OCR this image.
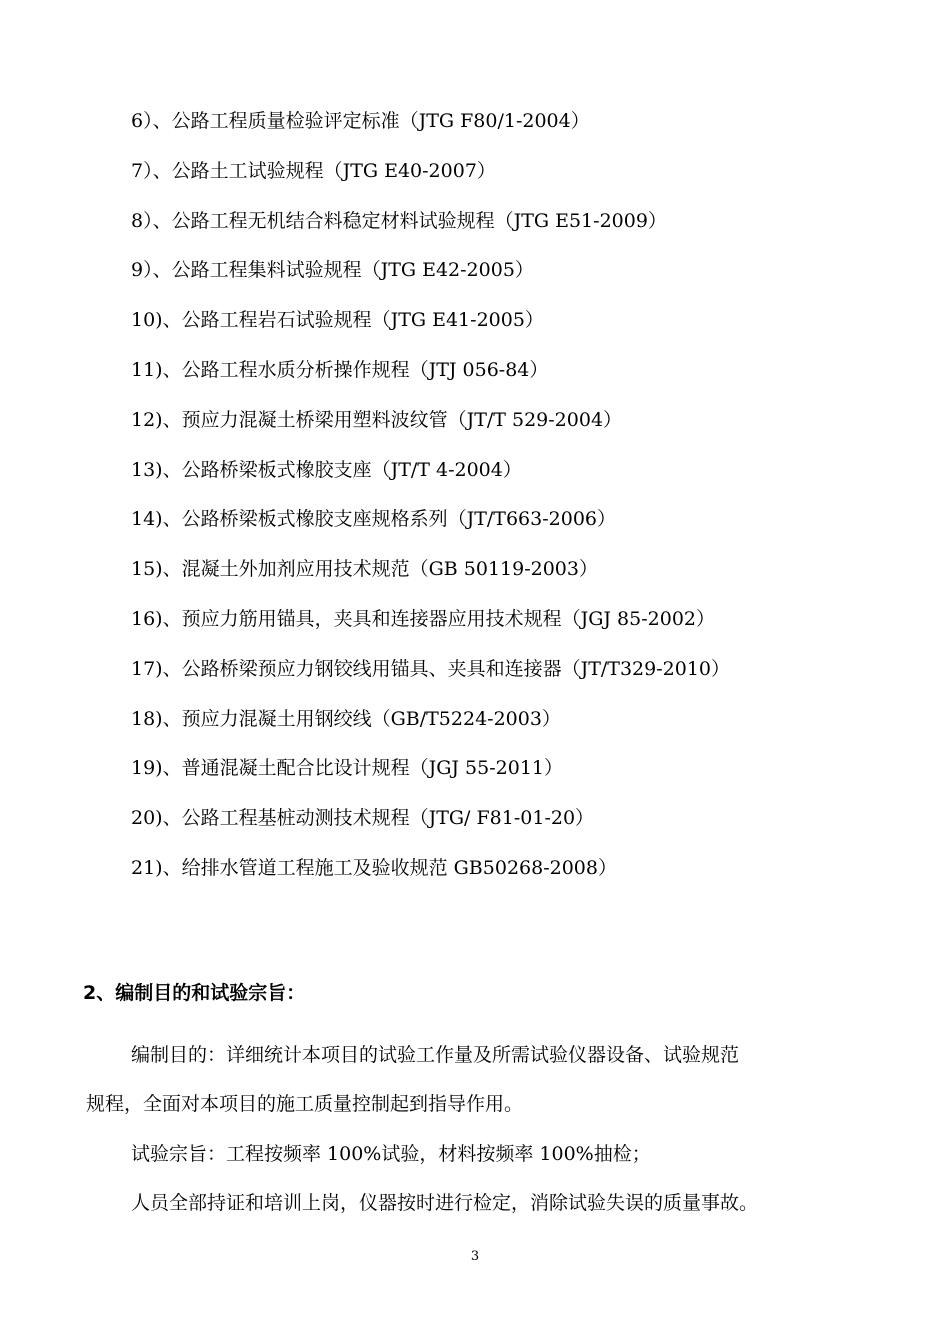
6）、公路工程质量检验评定标准（JTG F80/1-2004）
7）、公路土工试验规程（JTG E40-2007）
8）、公路工程无机结合料稳定材料试验规程（JTG E51-2009）
9）、公路工程集料试验规程（JTG E42-2005）
10)、公路工程岩石试验规程（JTG E41-2005）
11)、公路工程水质分析操作规程（JTJ 056-84）
12)、预应力混凝土桥梁用塑料波纹管（JT/T 529-2004）
13)、公路桥梁板式橡胶支座（JT/T 4-2004）
14)、公路桥梁板式橡胶支座规格系列（JT/T663-2006）
15)、混凝土外加剂应用技术规范（GB 50119-2003）
16)、预应力筋用锚具，夹具和连接器应用技术规程（JGJ 85-2002）
17)、公路桥梁预应力钢铰线用锚具、夹具和连接器（JT/T329-2010）
18)、预应力混凝土用钢绞线（GB/T5224-2003）
19)、普通混凝土配合比设计规程（JGJ 55-2011）
20)、公路工程基桩动测技术规程（JTG/ F81-01-20）
21)、给排水管道工程施工及验收规范 GB50268-2008）
2、编制目的和试验宗旨：
编制目的：详细统计本项目的试验工作量及所需试验仪器设备、试验规范
规程，全面对本项目的施工质量控制起到指导作用。
试验宗旨：工程按频率 100%试验，材料按频率 100%抽检；
人员全部持证和培训上岗，仪器按时进行检定，消除试验失误的质量事故。
3
